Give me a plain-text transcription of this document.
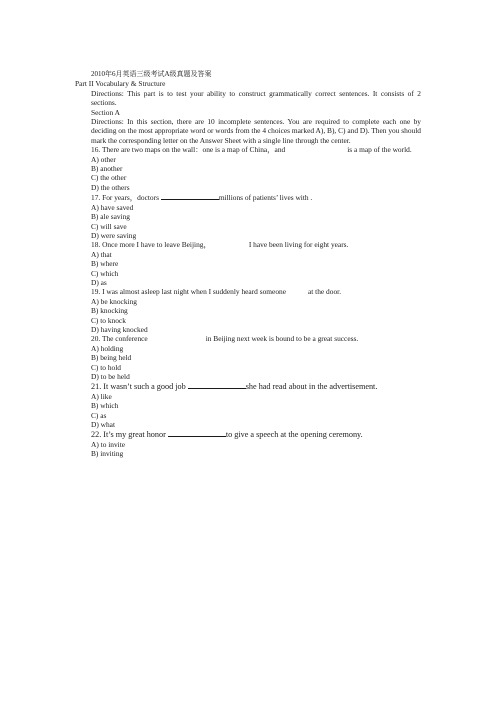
2010年6月英语三级考试A级真题及答案
Part II Vocabulary & Structure
Directions: This part is to test your ability to construct grammatically correct sentences. It consists of 2 sections.
Section A
Directions: In this section, there are 10 incomplete sentences. You are required to complete each one by deciding on the most appropriate word or words from the 4 choices marked A), B), C) and D). Then you should mark the corresponding letter on the Answer Sheet with a single line through the center.
16. There are two maps on the wall：one is a map of China，and	is a map of the world.
A) other
B) another
C) the other
D) the others
17. For years，doctors	millions of patients’ lives with .
A) have saved
B) ale saving
C) will save
D) were saving
18. Once more I have to leave Beijing，	I have been living for eight years.
A) that
B) where
C) which
D) as
19. I was almost asleep last night when I suddenly heard someone	at the door.
A) be knocking
B) knocking
C) to knock
D) having knocked
20. The conference	in Beijing next week is bound to be a great success.
A) holding
B) being held
C) to hold
D) to be held
21. It wasn’t such a good job	she had read about in the advertisement.
A) like
B) which
C) as
D) what
22. It’s my great honor	to give a speech at the opening ceremony.
A) to invite
B) inviting
